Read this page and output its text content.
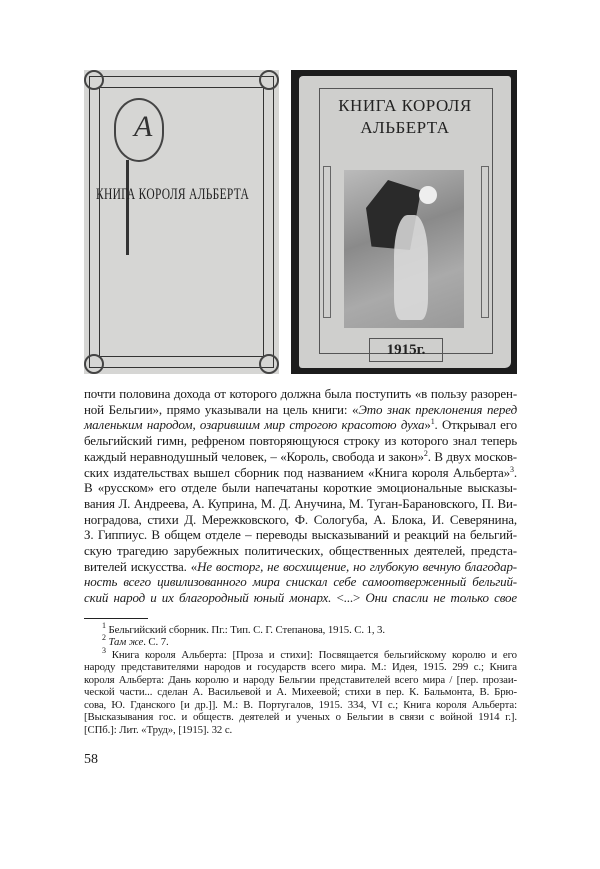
A
КНИГА КОРОЛЯ АЛЬБЕРТА
КНИГА КОРОЛЯ
АЛЬБЕРТА
1915г.
почти половина дохода от которого должна была поступить «в пользу разорен-
ной Бельгии», прямо указывали на цель книги: «Это знак преклонения перед
маленьким народом, озарившим мир строгою красотою духа»$^1$. Открывал его
бельгийский гимн, рефреном повторяющуюся строку из которого знал теперь
каждый неравнодушный человек, – «Король, свобода и закон»$^2$. В двух москов-
ских издательствах вышел сборник под названием «Книга короля Альберта»$^3$.
В «русском» его отделе были напечатаны короткие эмоциональные высказы-
вания Л. Андреева, А. Куприна, М. Д. Анучина, М. Туган-Барановского, П. Ви-
ноградова, стихи Д. Мережковского, Ф. Сологуба, А. Блока, И. Северянина,
З. Гиппиус. В общем отделе – переводы высказываний и реакций на бельгий-
скую трагедию зарубежных политических, общественных деятелей, предста-
вителей искусства. «Не восторг, не восхищение, но глубокую вечную благодар-
ность всего цивилизованного мира снискал себе самоотверженный бельгий-
ский народ и их благородный юный монарх. <...> Они спасли не только свое
$^1$ Бельгийский сборник. Пг.: Тип. С. Г. Степанова, 1915. С. 1, 3.
$^2$ Там же. С. 7.
$^3$ Книга короля Альберта: [Проза и стихи]: Посвящается бельгийскому королю и его
народу представителями народов и государств всего мира. М.: Идея, 1915. 299 с.; Книга
короля Альберта: Дань королю и народу Бельгии представителей всего мира / [пер. прозаи-
ческой части... сделан А. Васильевой и А. Михеевой; стихи в пер. К. Бальмонта, В. Брю-
сова, Ю. Гданского [и др.]]. М.: В. Португалов, 1915. 334, VI с.; Книга короля Альберта:
[Высказывания гос. и обществ. деятелей и ученых о Бельгии в связи с войной 1914 г.].
[СПб.]: Лит. «Труд», [1915]. 32 с.
58
